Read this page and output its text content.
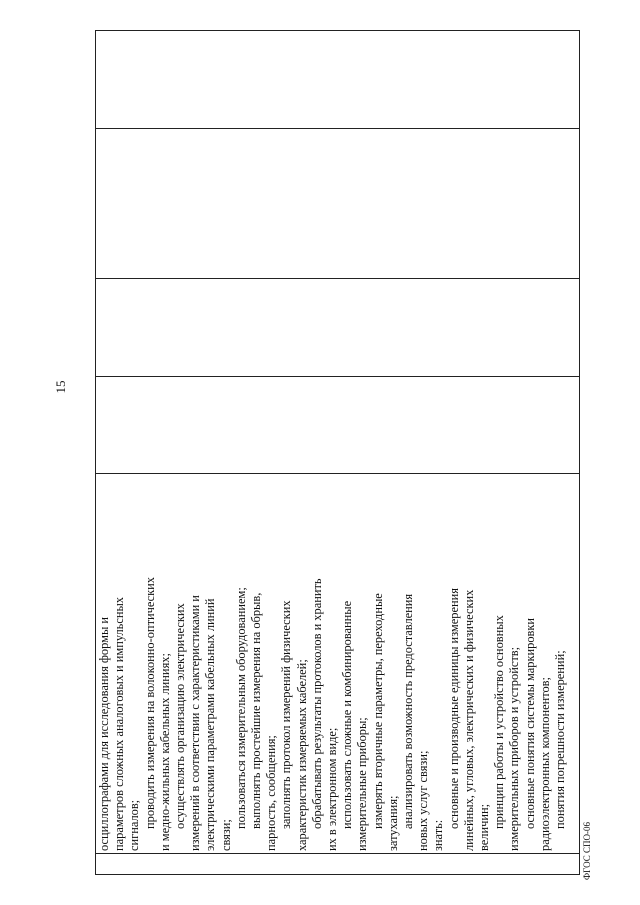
15
осциллографами для исследования формы и параметров сложных аналоговых и импульсных сигналов; проводить измерения на волоконно-оптических и медно-жильных кабельных линиях; осуществлять организацию электрических измерений в соответствии с характеристиками и электрическими параметрами кабельных линий связи;
пользоваться измерительным оборудованием; выполнять простейшие измерения на обрыв, парность, сообщения; заполнять протокол измерений физических характеристик измеряемых кабелей; обрабатывать результаты протоколов и хранить их в электронном виде; использовать сложные и комбинированные измерительные приборы; измерять вторичные параметры, переходные затухания; анализировать возможность предоставления новых услуг связи; знать:
основные и производные единицы измерения линейных, угловых, электрических и физических величин; принцип работы и устройство основных измерительных приборов и устройств; основные понятия системы маркировки радиоэлектронных компонентов; понятия погрешности измерений;
ФГОС СПО-06
